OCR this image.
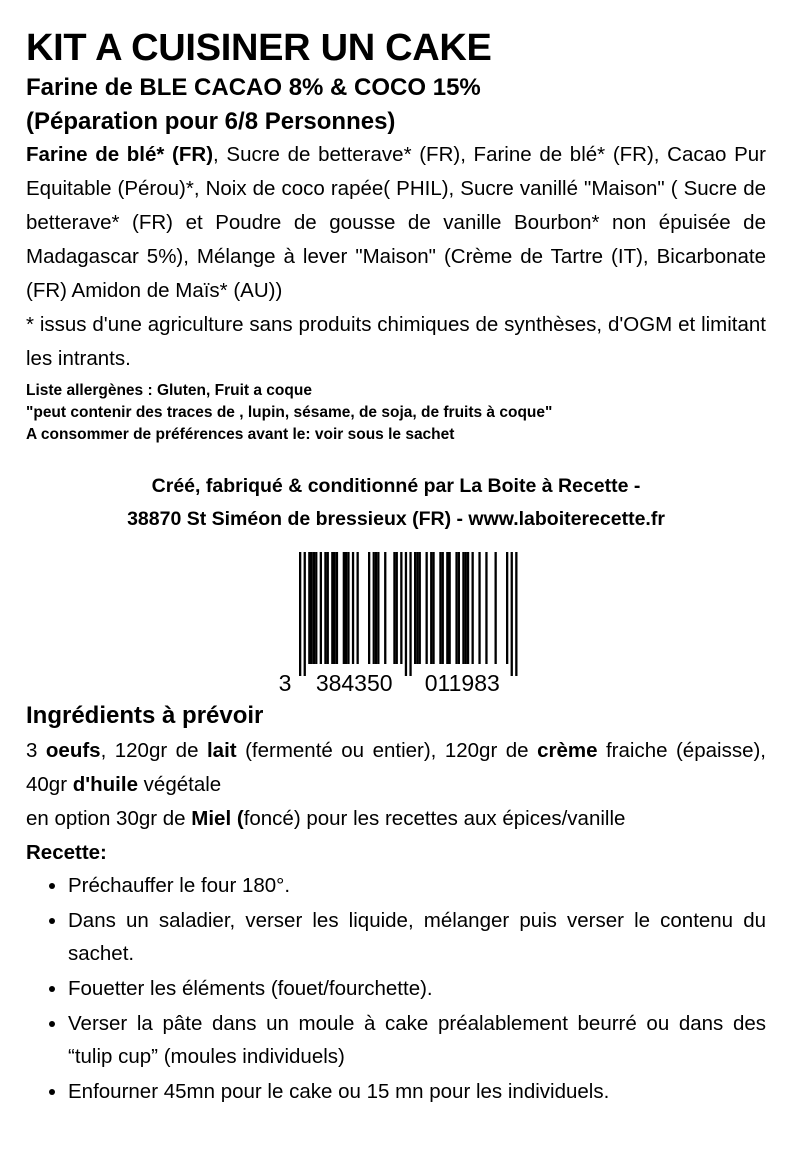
KIT A CUISINER UN CAKE

Farine de BLE CACAO 8% & COCO 15%

(Péparation pour 6/8 Personnes)

Farine de blé* (FR), Sucre de betterave* (FR), Farine de blé* (FR), Cacao Pur Equitable (Pérou)*, Noix de coco rapée( PHIL), Sucre vanillé "Maison" ( Sucre de betterave* (FR) et Poudre de gousse de vanille Bourbon* non épuisée de Madagascar 5%), Mélange à lever "Maison" (Crème de Tartre (IT), Bicarbonate (FR) Amidon de Maïs* (AU))

* issus d'une agriculture sans produits chimiques de synthèses, d'OGM et limitant les intrants.

Liste allergènes : Gluten, Fruit a coque

"peut contenir des traces de , lupin, sésame, de soja, de fruits à coque"

A consommer de préférences avant le: voir sous le sachet

Créé, fabriqué & conditionné par La Boite à Recette -
38870 St Siméon de bressieux (FR) - www.laboiterecette.fr
3 384350 011983

Ingrédients à prévoir

3 oeufs, 120gr de lait (fermenté ou entier), 120gr de crème fraiche (épaisse), 40gr d'huile végétale

en option 30gr de Miel (foncé) pour les recettes aux épices/vanille

Recette:

• Préchauffer le four 180°.
• Dans un saladier, verser les liquide, mélanger puis verser le contenu du sachet.
• Fouetter les éléments (fouet/fourchette).
• Verser la pâte dans un moule à cake préalablement beurré ou dans des “tulip cup” (moules individuels)
• Enfourner 45mn pour le cake ou 15 mn pour les individuels.
